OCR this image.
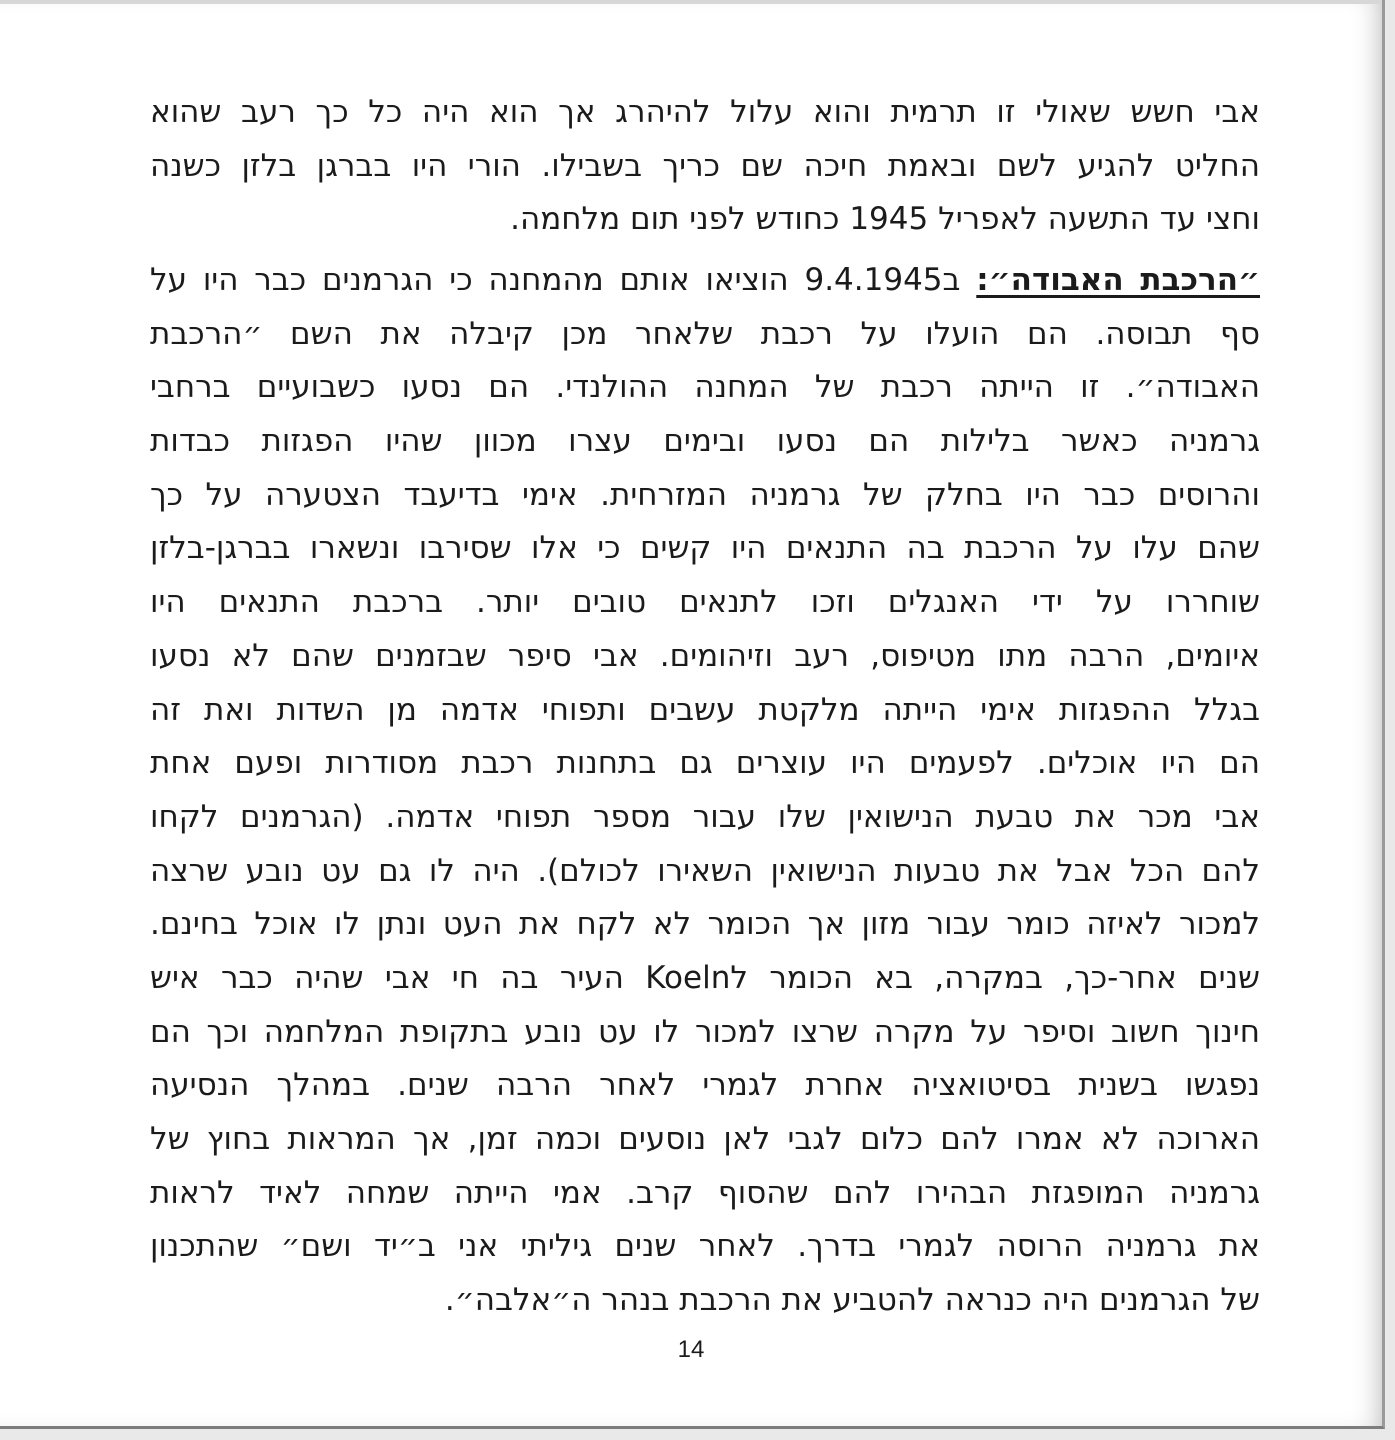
אבי חשש שאולי זו תרמית והוא עלול להיהרג אך הוא היה כל כך רעב שהוא
החליט להגיע לשם ובאמת חיכה שם כריך בשבילו. הורי היו בברגן בלזן כשנה
וחצי עד התשעה לאפריל 1945 כחודש לפני תום מלחמה.
״הרכבת האבודה״: ב9.4.1945 הוציאו אותם מהמחנה כי הגרמנים כבר היו על
סף תבוסה. הם הועלו על רכבת שלאחר מכן קיבלה את השם ״הרכבת
האבודה״. זו הייתה רכבת של המחנה ההולנדי. הם נסעו כשבועיים ברחבי
גרמניה כאשר בלילות הם נסעו ובימים עצרו מכוון שהיו הפגזות כבדות
והרוסים כבר היו בחלק של גרמניה המזרחית. אימי בדיעבד הצטערה על כך
שהם עלו על הרכבת בה התנאים היו קשים כי אלו שסירבו ונשארו בברגן-בלזן
שוחררו על ידי האנגלים וזכו לתנאים טובים יותר. ברכבת התנאים היו
איומים, הרבה מתו מטיפוס, רעב וזיהומים. אבי סיפר שבזמנים שהם לא נסעו
בגלל ההפגזות אימי הייתה מלקטת עשבים ותפוחי אדמה מן השדות ואת זה
הם היו אוכלים. לפעמים היו עוצרים גם בתחנות רכבת מסודרות ופעם אחת
אבי מכר את טבעת הנישואין שלו עבור מספר תפוחי אדמה. (הגרמנים לקחו
להם הכל אבל את טבעות הנישואין השאירו לכולם). היה לו גם עט נובע שרצה
למכור לאיזה כומר עבור מזון אך הכומר לא לקח את העט ונתן לו אוכל בחינם.
שנים אחר-כך, במקרה, בא הכומר לKoeln העיר בה חי אבי שהיה כבר איש
חינוך חשוב וסיפר על מקרה שרצו למכור לו עט נובע בתקופת המלחמה וכך הם
נפגשו בשנית בסיטואציה אחרת לגמרי לאחר הרבה שנים. במהלך הנסיעה
הארוכה לא אמרו להם כלום לגבי לאן נוסעים וכמה זמן, אך המראות בחוץ של
גרמניה המופגזת הבהירו להם שהסוף קרב. אמי הייתה שמחה לאיד לראות
את גרמניה הרוסה לגמרי בדרך. לאחר שנים גיליתי אני ב״יד ושם״ שהתכנון
של הגרמנים היה כנראה להטביע את הרכבת בנהר ה״אלבה״.
14
